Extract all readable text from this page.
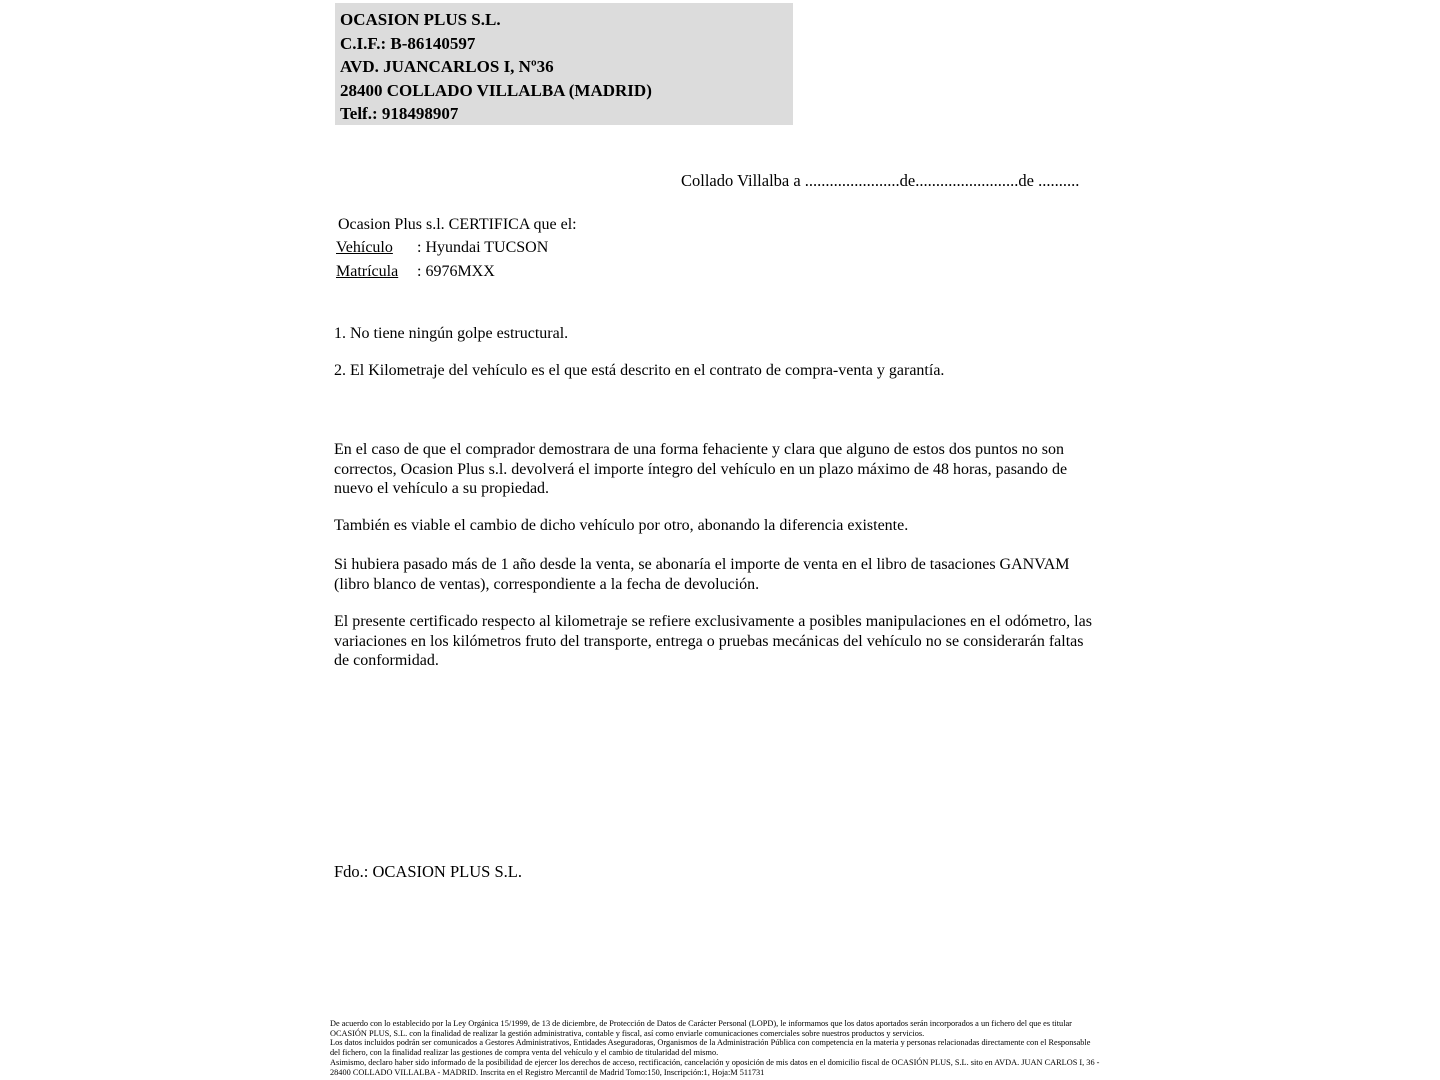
OCASION PLUS S.L.
C.I.F.: B-86140597
AVD. JUANCARLOS I, Nº36
28400 COLLADO VILLALBA (MADRID)
Telf.: 918498907
Collado Villalba a .......................de.........................de ..........
Ocasion Plus s.l. CERTIFICA que el:
Vehículo : Hyundai TUCSON
Matrícula : 6976MXX
1. No tiene ningún golpe estructural.
2. El Kilometraje del vehículo es el que está descrito en el contrato de compra-venta y garantía.
En el caso de que el comprador demostrara de una forma fehaciente y clara que alguno de estos dos puntos no son correctos, Ocasion Plus s.l. devolverá el importe íntegro del vehículo en un plazo máximo de 48 horas, pasando de nuevo el vehículo a su propiedad.
También es viable el cambio de dicho vehículo por otro, abonando la diferencia existente.
Si hubiera pasado más de 1 año desde la venta, se abonaría el importe de venta en el libro de tasaciones GANVAM (libro blanco de ventas), correspondiente a la fecha de devolución.
El presente certificado respecto al kilometraje se refiere exclusivamente a posibles manipulaciones en el odómetro, las variaciones en los kilómetros fruto del transporte, entrega o pruebas mecánicas del vehículo no se considerarán faltas de conformidad.
Fdo.: OCASION PLUS S.L.
De acuerdo con lo establecido por la Ley Orgánica 15/1999, de 13 de diciembre, de Protección de Datos de Carácter Personal (LOPD), le informamos que los datos aportados serán incorporados a un fichero del que es titular OCASIÓN PLUS, S.L. con la finalidad de realizar la gestión administrativa, contable y fiscal, así como enviarle comunicaciones comerciales sobre nuestros productos y servicios.
Los datos incluidos podrán ser comunicados a Gestores Administrativos, Entidades Aseguradoras, Organismos de la Administración Pública con competencia en la materia y personas relacionadas directamente con el Responsable del fichero, con la finalidad realizar las gestiones de compra venta del vehículo y el cambio de titularidad del mismo.
Asimismo, declaro haber sido informado de la posibilidad de ejercer los derechos de acceso, rectificación, cancelación y oposición de mis datos en el domicilio fiscal de OCASIÓN PLUS, S.L. sito en AVDA. JUAN CARLOS I, 36 - 28400 COLLADO VILLALBA - MADRID. Inscrita en el Registro Mercantil de Madrid Tomo:150, Inscripción:1, Hoja:M 511731
